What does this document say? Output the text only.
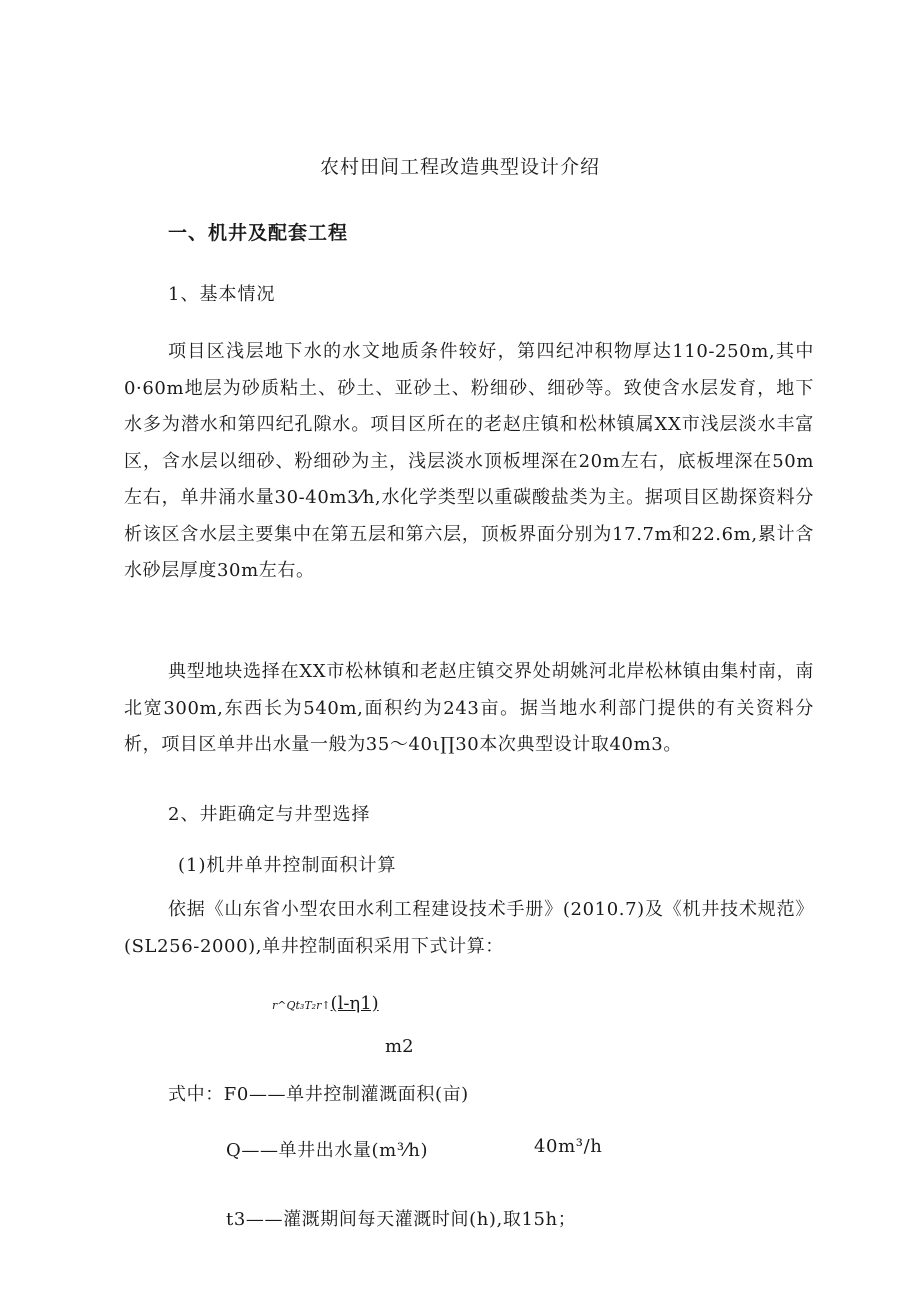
农村田间工程改造典型设计介绍
一、机井及配套工程
1、基本情况

项目区浅层地下水的水文地质条件较好，第四纪冲积物厚达110-250m,其中0·60m地层为砂质粘土、砂土、亚砂土、粉细砂、细砂等。致使含水层发育，地下水多为潜水和第四纪孔隙水。项目区所在的老赵庄镇和松林镇属XX市浅层淡水丰富区，含水层以细砂、粉细砂为主，浅层淡水顶板埋深在20m左右，底板埋深在50m左右，单井涌水量30-40m3⁄h,水化学类型以重碳酸盐类为主。据项目区勘探资料分析该区含水层主要集中在第五层和第六层，顶板界面分别为17.7m和22.6m,累计含水砂层厚度30m左右。

典型地块选择在XX市松林镇和老赵庄镇交界处胡姚河北岸松林镇由集村南，南北宽300m,东西长为540m,面积约为243亩。据当地水利部门提供的有关资料分析，项目区单井出水量一般为35～40ι∏30本次典型设计取40m3。

2、井距确定与井型选择
(1)机井单井控制面积计算

依据《山东省小型农田水利工程建设技术手册》(2010.7)及《机井技术规范》(SL256-2000),单井控制面积采用下式计算：

r^Qt₃T₂r↑(l-η1)
m2
式中：F0——单井控制灌溉面积(亩)
Q——单井出水量(m³⁄h)	40m³/h
t3——灌溉期间每天灌溉时间(h),取15h；
